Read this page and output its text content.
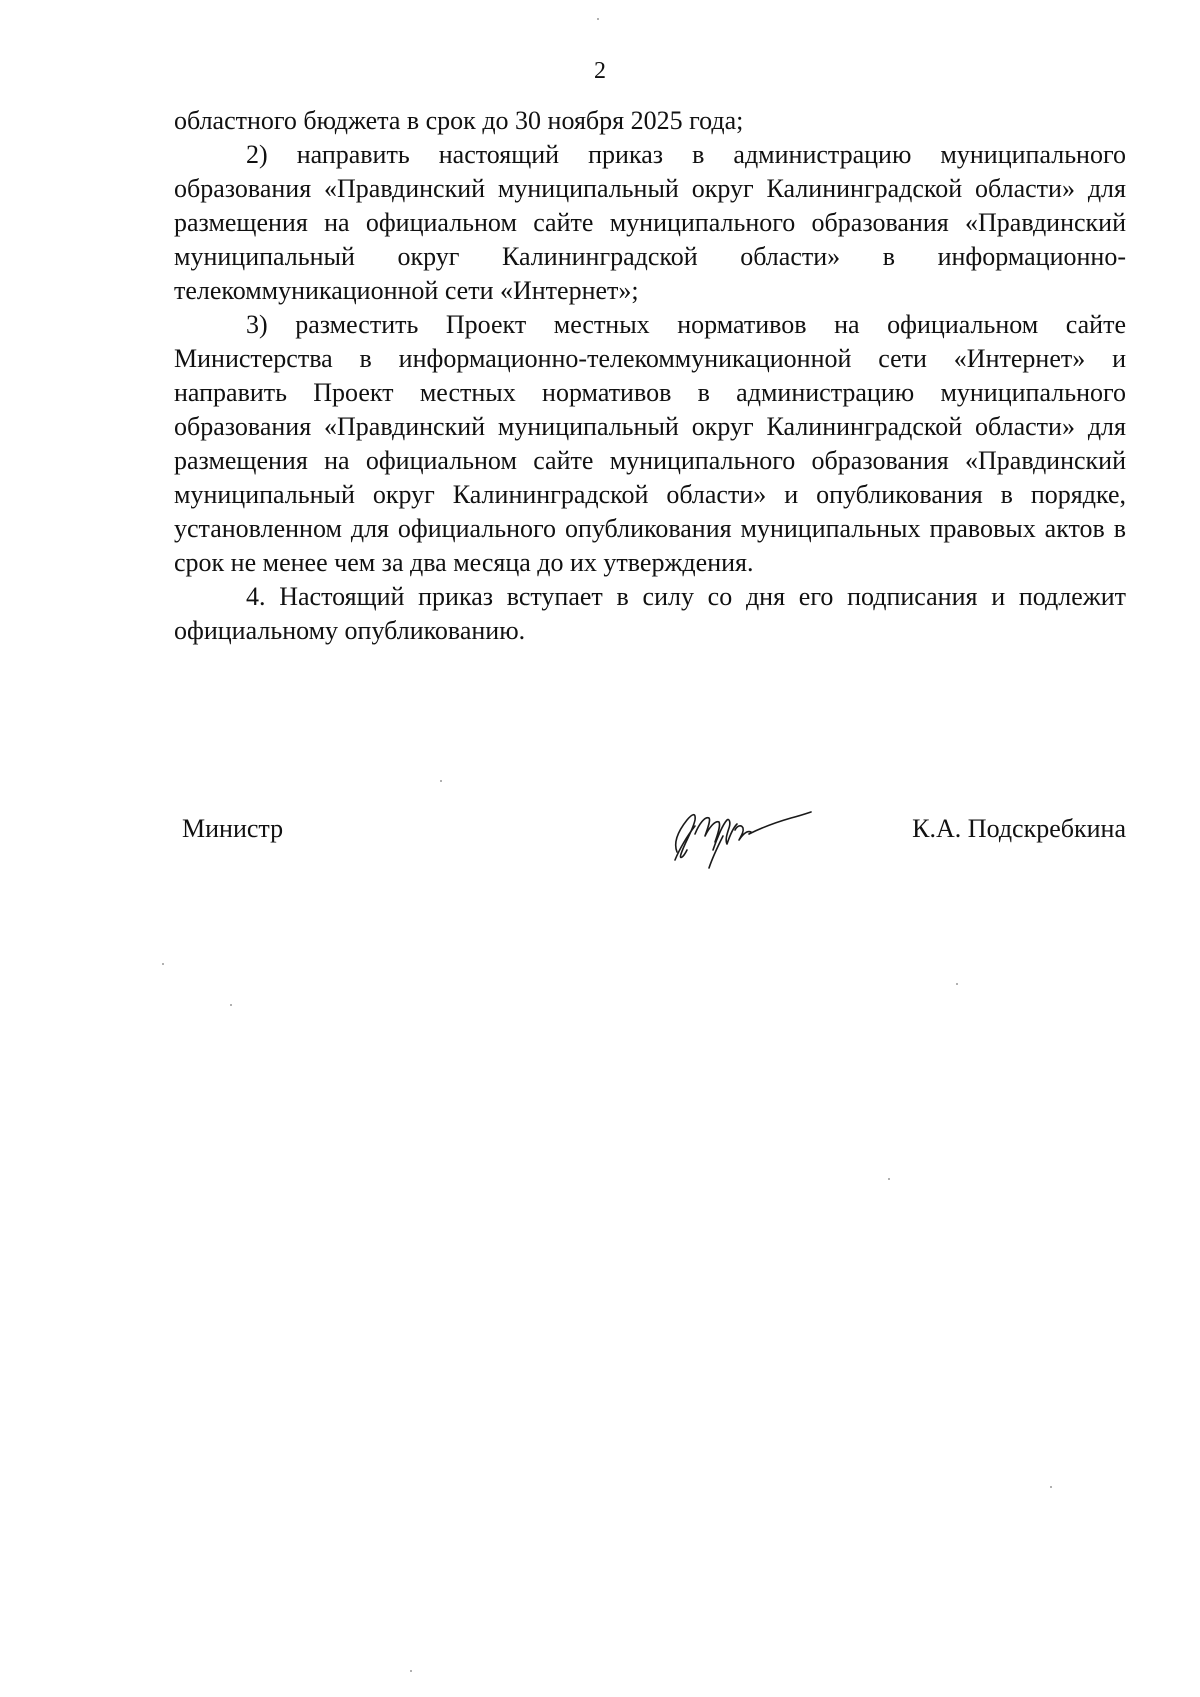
2

областного бюджета в срок до 30 ноября 2025 года;

2) направить настоящий приказ в администрацию муниципального образования «Правдинский муниципальный округ Калининградской области» для размещения на официальном сайте муниципального образования «Правдинский муниципальный округ Калининградской области» в информационно-телекоммуникационной сети «Интернет»;

3) разместить Проект местных нормативов на официальном сайте Министерства в информационно-телекоммуникационной сети «Интернет» и направить Проект местных нормативов в администрацию муниципального образования «Правдинский муниципальный округ Калининградской области» для размещения на официальном сайте муниципального образования «Правдинский муниципальный округ Калининградской области» и опубликования в порядке, установленном для официального опубликования муниципальных правовых актов в срок не менее чем за два месяца до их утверждения.

4. Настоящий приказ вступает в силу со дня его подписания и подлежит официальному опубликованию.

Министр	К.А. Подскребкина
